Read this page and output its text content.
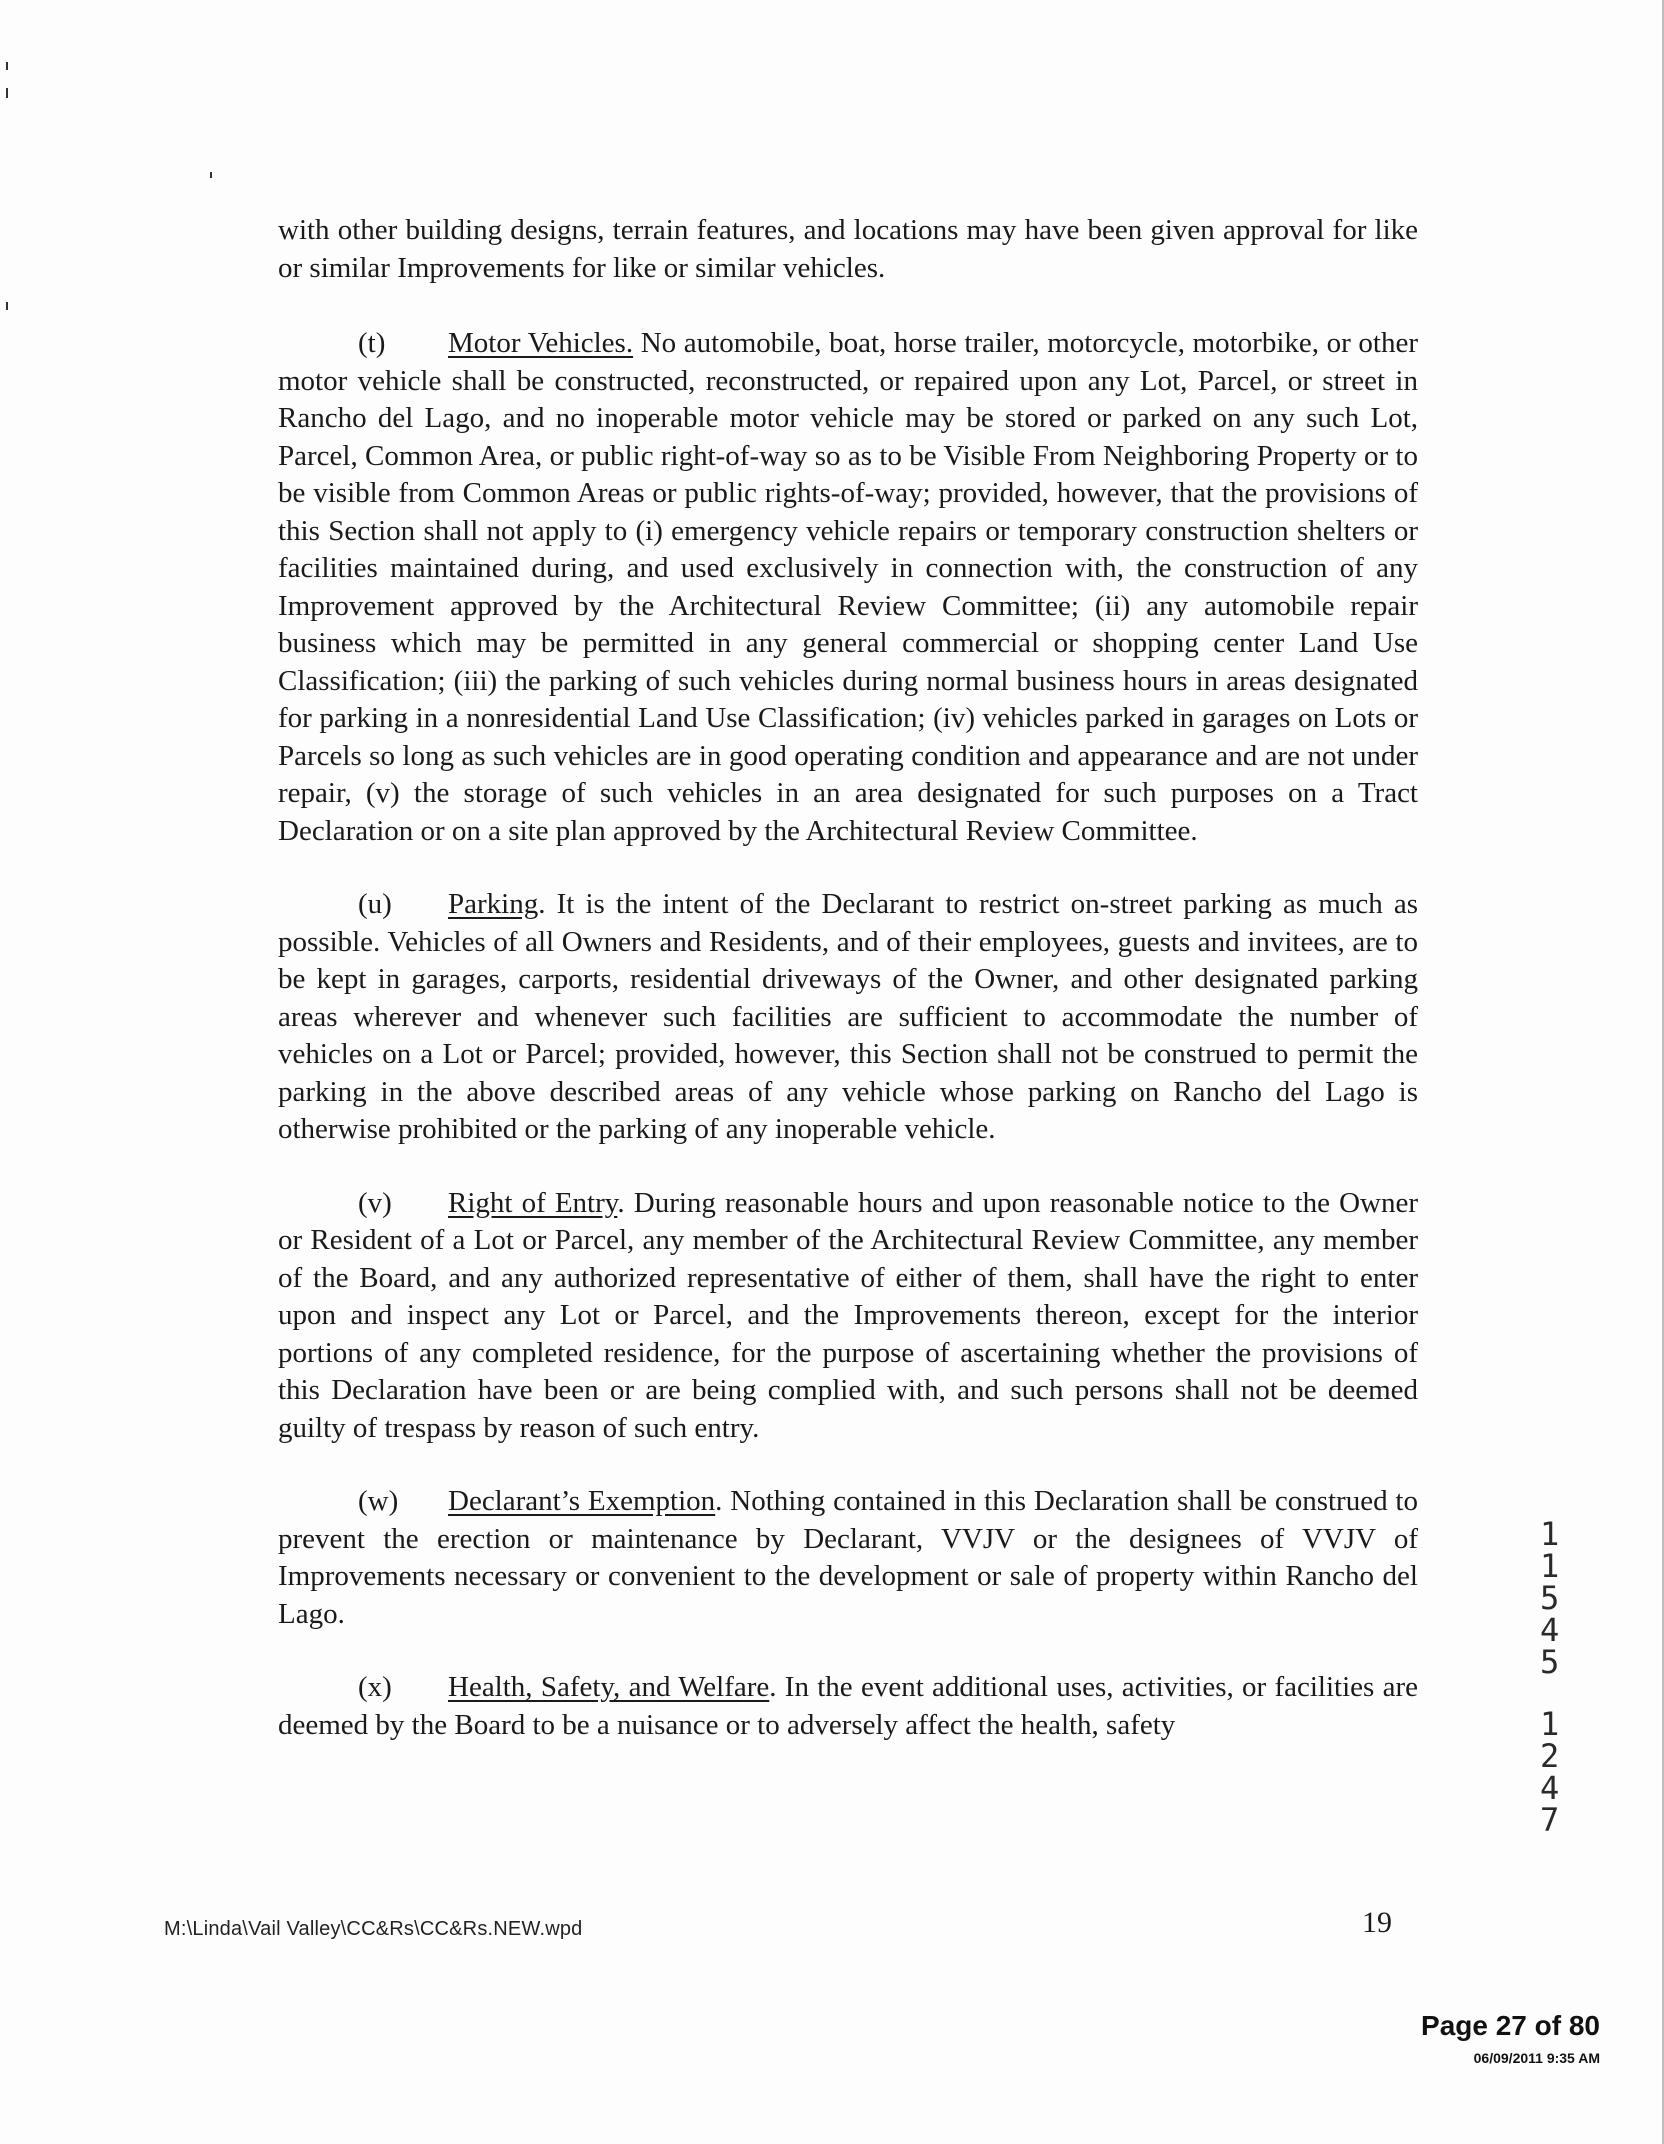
with other building designs, terrain features, and locations may have been given approval for like or similar Improvements for like or similar vehicles.

(t) Motor Vehicles. No automobile, boat, horse trailer, motorcycle, motorbike, or other motor vehicle shall be constructed, reconstructed, or repaired upon any Lot, Parcel, or street in Rancho del Lago, and no inoperable motor vehicle may be stored or parked on any such Lot, Parcel, Common Area, or public right-of-way so as to be Visible From Neighboring Property or to be visible from Common Areas or public rights-of-way; provided, however, that the provisions of this Section shall not apply to (i) emergency vehicle repairs or temporary construction shelters or facilities maintained during, and used exclusively in connection with, the construction of any Improvement approved by the Architectural Review Committee; (ii) any automobile repair business which may be permitted in any general commercial or shopping center Land Use Classification; (iii) the parking of such vehicles during normal business hours in areas designated for parking in a nonresidential Land Use Classification; (iv) vehicles parked in garages on Lots or Parcels so long as such vehicles are in good operating condition and appearance and are not under repair, (v) the storage of such vehicles in an area designated for such purposes on a Tract Declaration or on a site plan approved by the Architectural Review Committee.

(u) Parking. It is the intent of the Declarant to restrict on-street parking as much as possible. Vehicles of all Owners and Residents, and of their employees, guests and invitees, are to be kept in garages, carports, residential driveways of the Owner, and other designated parking areas wherever and whenever such facilities are sufficient to accommodate the number of vehicles on a Lot or Parcel; provided, however, this Section shall not be construed to permit the parking in the above described areas of any vehicle whose parking on Rancho del Lago is otherwise prohibited or the parking of any inoperable vehicle.

(v) Right of Entry. During reasonable hours and upon reasonable notice to the Owner or Resident of a Lot or Parcel, any member of the Architectural Review Committee, any member of the Board, and any authorized representative of either of them, shall have the right to enter upon and inspect any Lot or Parcel, and the Improvements thereon, except for the interior portions of any completed residence, for the purpose of ascertaining whether the provisions of this Declaration have been or are being complied with, and such persons shall not be deemed guilty of trespass by reason of such entry.

(w) Declarant’s Exemption. Nothing contained in this Declaration shall be construed to prevent the erection or maintenance by Declarant, VVJV or the designees of VVJV of Improvements necessary or convenient to the development or sale of property within Rancho del Lago.

(x) Health, Safety, and Welfare. In the event additional uses, activities, or facilities are deemed by the Board to be a nuisance or to adversely affect the health, safety

1
1
5
4
5
1
2
4
7
M:\Linda\Vail Valley\CC&Rs\CC&Rs.NEW.wpd	19
Page 27 of 80
06/09/2011 9:35 AM
